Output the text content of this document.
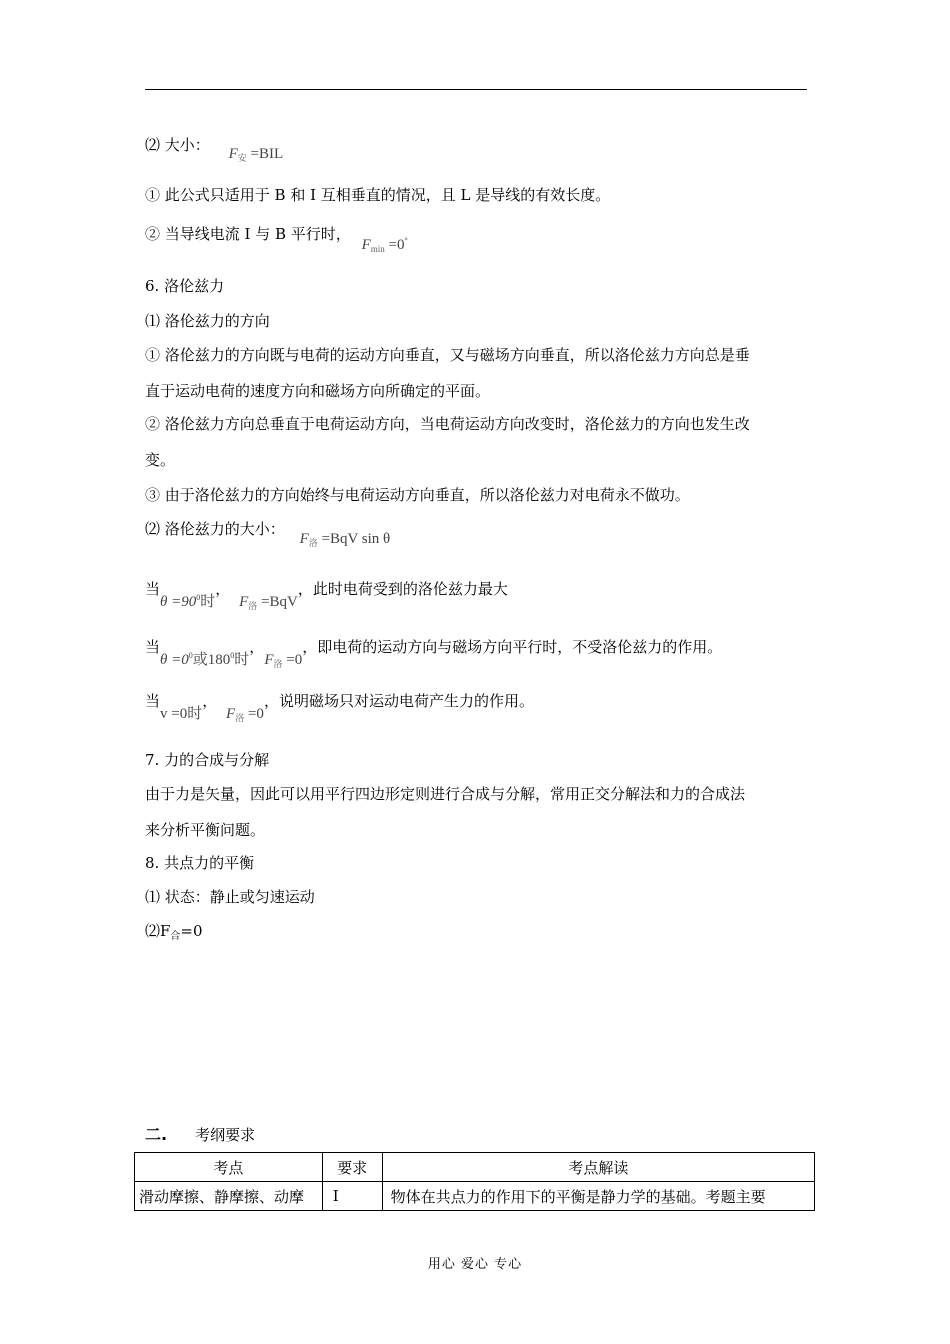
⑵ 大小： $F_安 =BIL$
① 此公式只适用于 B 和 I 互相垂直的情况，且 L 是导线的有效长度。
② 当导线电流 I 与 B 平行时， $F_{min} =0^\circ$
6. 洛伦兹力
⑴ 洛伦兹力的方向
① 洛伦兹力的方向既与电荷的运动方向垂直，又与磁场方向垂直，所以洛伦兹力方向总是垂
直于运动电荷的速度方向和磁场方向所确定的平面。
② 洛伦兹力方向总垂直于电荷运动方向，当电荷运动方向改变时，洛伦兹力的方向也发生改
变。
③ 由于洛伦兹力的方向始终与电荷运动方向垂直，所以洛伦兹力对电荷永不做功。
⑵ 洛伦兹力的大小： $F_洛 =BqV$ sin θ
当$\theta =90^0$时， $F_洛 =BqV$，此时电荷受到的洛伦兹力最大
当$\theta =0^0$或$180^0$时，$F_洛 =0$，即电荷的运动方向与磁场方向平行时，不受洛伦兹力的作用。
当v =0时， $F_洛 =0$，说明磁场只对运动电荷产生力的作用。
7. 力的合成与分解
由于力是矢量，因此可以用平行四边形定则进行合成与分解，常用正交分解法和力的合成法
来分析平衡问题。
8. 共点力的平衡
⑴ 状态：静止或匀速运动
$⑵F_合=0$
二. 考纲要求
考点	要求	考点解读
滑动摩擦、静摩擦、动摩	Ⅰ	物体在共点力的作用下的平衡是静力学的基础。考题主要
用心 爱心 专心
